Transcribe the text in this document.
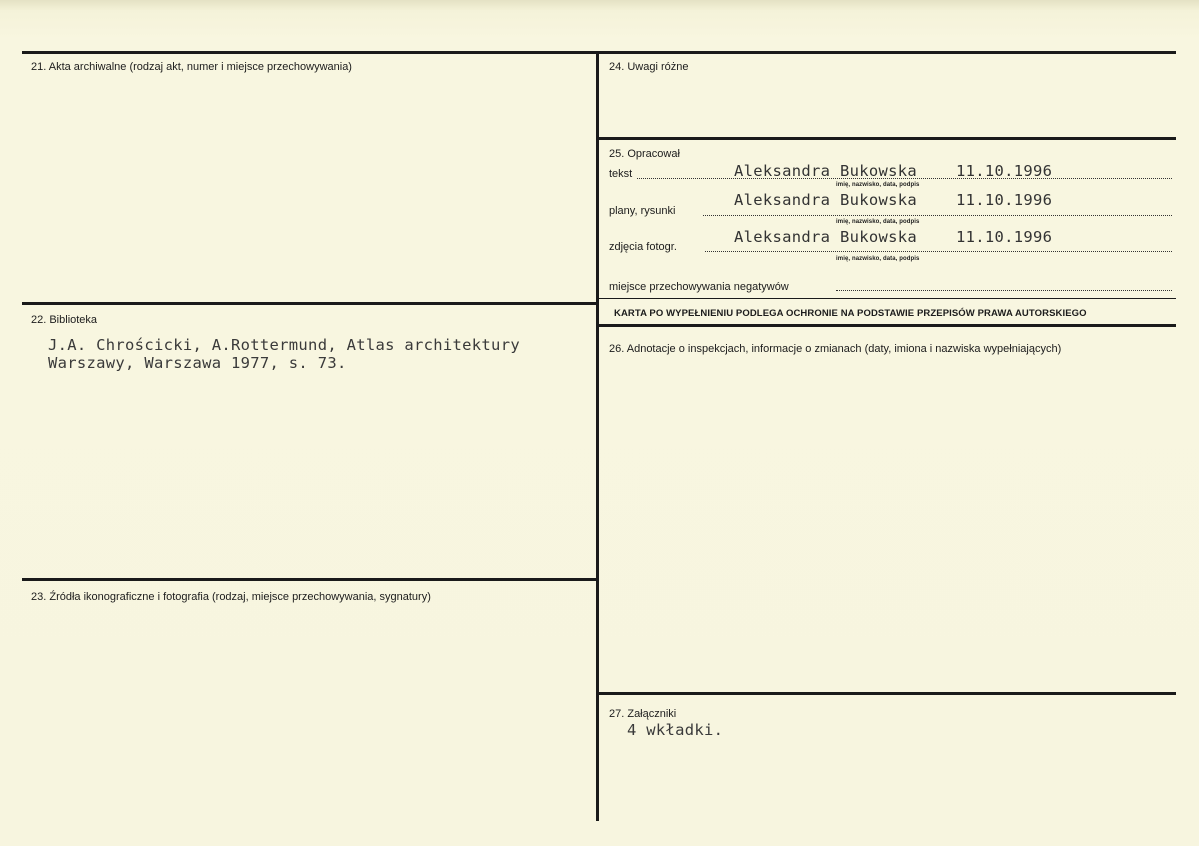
21. Akta archiwalne (rodzaj akt, numer i miejsce przechowywania)
22. Biblioteka
J.A. Chrościcki, A.Rottermund, Atlas architektury
Warszawy, Warszawa 1977, s. 73.
23. Źródła ikonograficzne i fotografia (rodzaj, miejsce przechowywania, sygnatury)
24. Uwagi różne
25. Opracował
tekst	Aleksandra Bukowska	11.10.1996
imię, nazwisko, data, podpis
plany, rysunki
Aleksandra Bukowska	11.10.1996
imię, nazwisko, data, podpis
zdjęcia fotogr.
Aleksandra Bukowska	11.10.1996
imię, nazwisko, data, podpis
miejsce przechowywania negatywów
KARTA PO WYPEŁNIENIU PODLEGA OCHRONIE NA PODSTAWIE PRZEPISÓW PRAWA AUTORSKIEGO
26. Adnotacje o inspekcjach, informacje o zmianach (daty, imiona i nazwiska wypełniających)
27. Załączniki
4 wkładki.
